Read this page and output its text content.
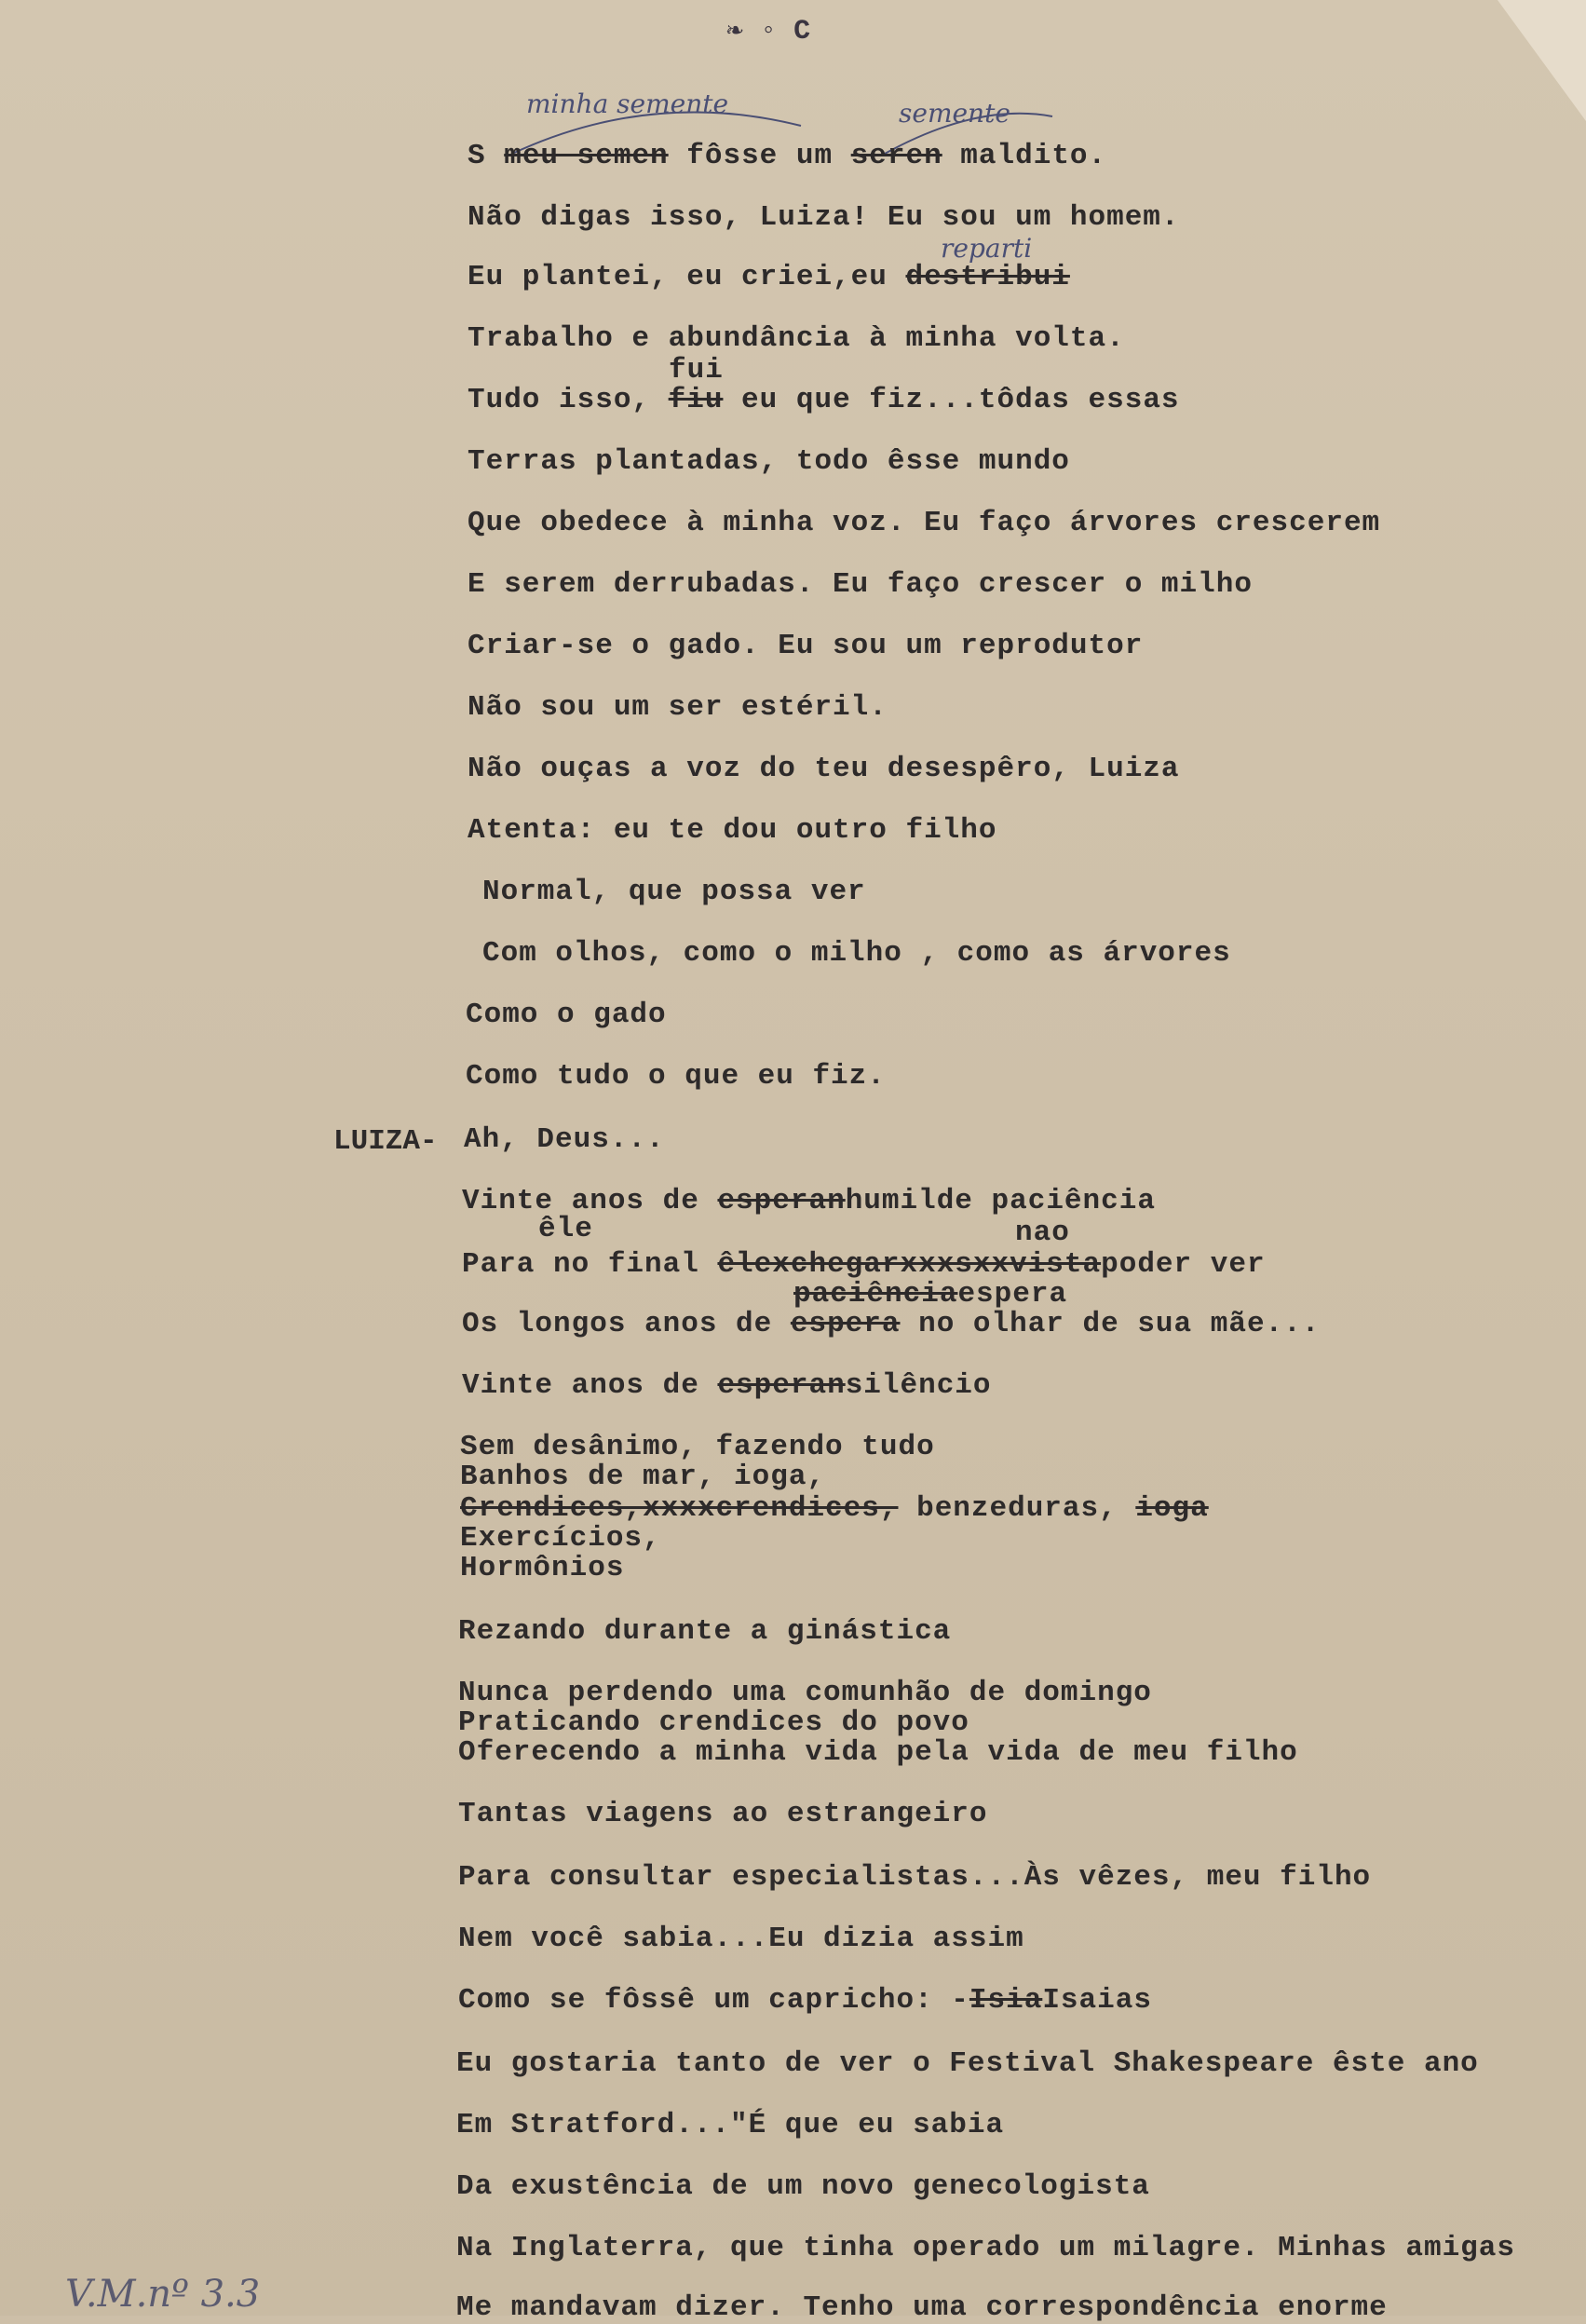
❧ ◦ C
minha semente	semente
reparti
S meu semen fôsse um seren maldito.
Não digas isso, Luiza! Eu sou um homem.
Eu plantei, eu criei,eu destribui
Trabalho e abundância à minha volta.
fui
Tudo isso, fiu eu que fiz...tôdas essas
Terras plantadas, todo êsse mundo
Que obedece à minha voz. Eu faço árvores crescerem
E serem derrubadas. Eu faço crescer o milho
Criar-se o gado. Eu sou um reprodutor
Não sou um ser estéril.
Não ouças a voz do teu desespêro, Luiza
Atenta: eu te dou outro filho
Normal, que possa ver
Com olhos, como o milho , como as árvores
Como o gado
Como tudo o que eu fiz.
LUIZA- Ah, Deus...
Vinte anos de esperanhumilde paciência
êle	nao
Para no final êlexchegarxxxsxxvistapoder ver
paciênciaespera
Os longos anos de espera no olhar de sua mãe...
Vinte anos de esperansilêncio
Sem desânimo, fazendo tudo
Banhos de mar, ioga,
Crendices,xxxxcrendices, benzeduras, ioga
Exercícios,
Hormônios
Rezando durante a ginástica
Nunca perdendo uma comunhão de domingo
Praticando crendices do povo
Oferecendo a minha vida pela vida de meu filho
Tantas viagens ao estrangeiro
Para consultar especialistas...Às vêzes, meu filho
Nem você sabia...Eu dizia assim
Como se fôssê um capricho: -IsiaIsaias
Eu gostaria tanto de ver o Festival Shakespeare êste ano
Em Stratford..."É que eu sabia
Da exustência de um novo genecologista
Na Inglaterra, que tinha operado um milagre. Minhas amigas
Me mandavam dizer. Tenho uma correspondência enorme
V.M.nº 3.3
